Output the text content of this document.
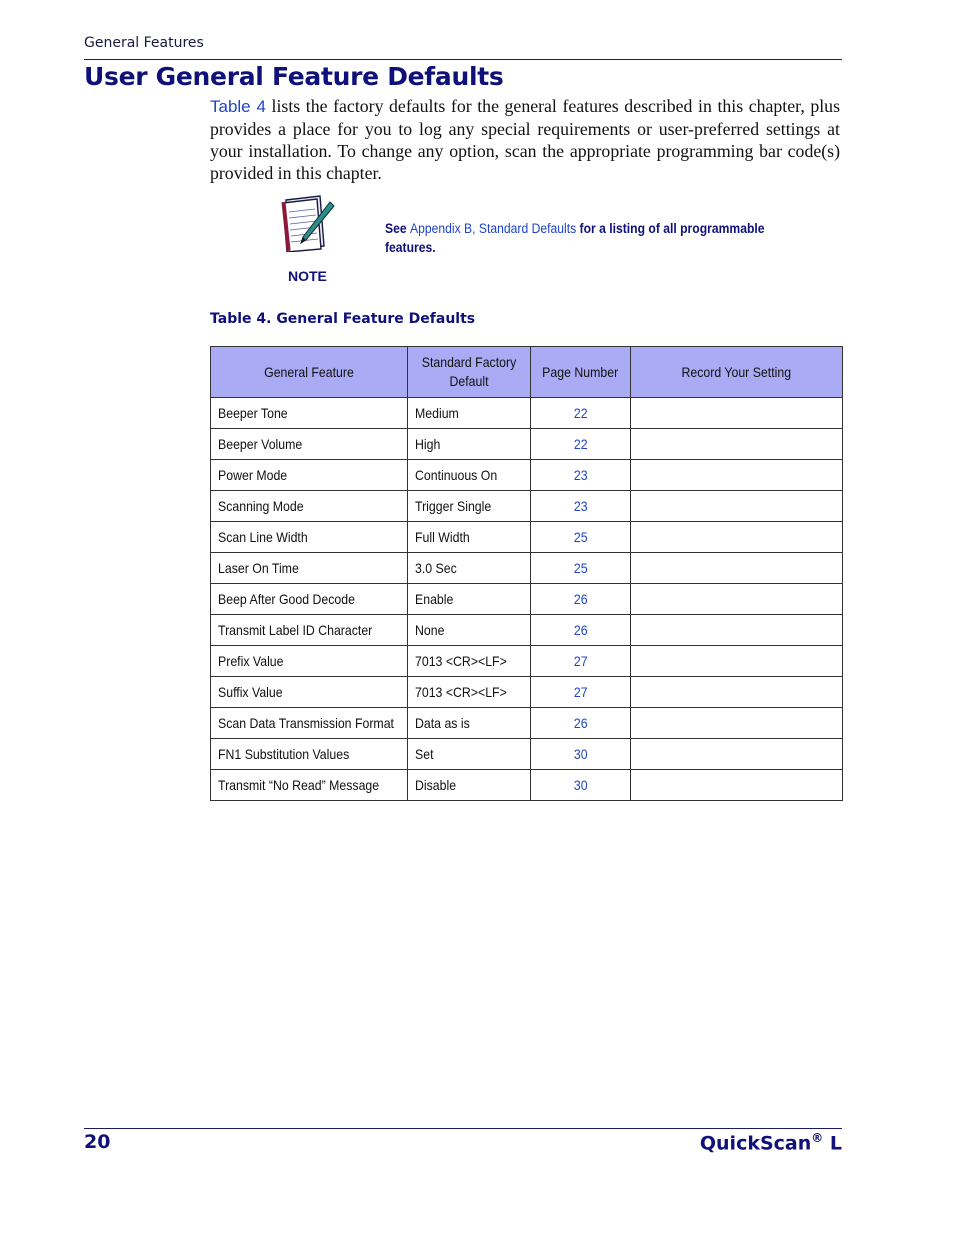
General Features
User General Feature Defaults

Table 4 lists the factory defaults for the general features described in this chapter, plus provides a place for you to log any special requirements or user-preferred settings at your installation. To change any option, scan the appropriate programming bar code(s) provided in this chapter.

NOTE

See Appendix B, Standard Defaults for a listing of all programmable features.

Table 4. General Feature Defaults
General Feature	Standard Factory Default	Page Number	Record Your Setting
Beeper Tone	Medium	22	
Beeper Volume	High	22	
Power Mode	Continuous On	23	
Scanning Mode	Trigger Single	23	
Scan Line Width	Full Width	25	
Laser On Time	3.0 Sec	25	
Beep After Good Decode	Enable	26	
Transmit Label ID Character	None	26	
Prefix Value	7013 <CR><LF>	27	
Suffix Value	7013 <CR><LF>	27	
Scan Data Transmission Format	Data as is	26	
FN1 Substitution Values	Set	30	
Transmit “No Read” Message	Disable	30	
20	QuickScan® L
